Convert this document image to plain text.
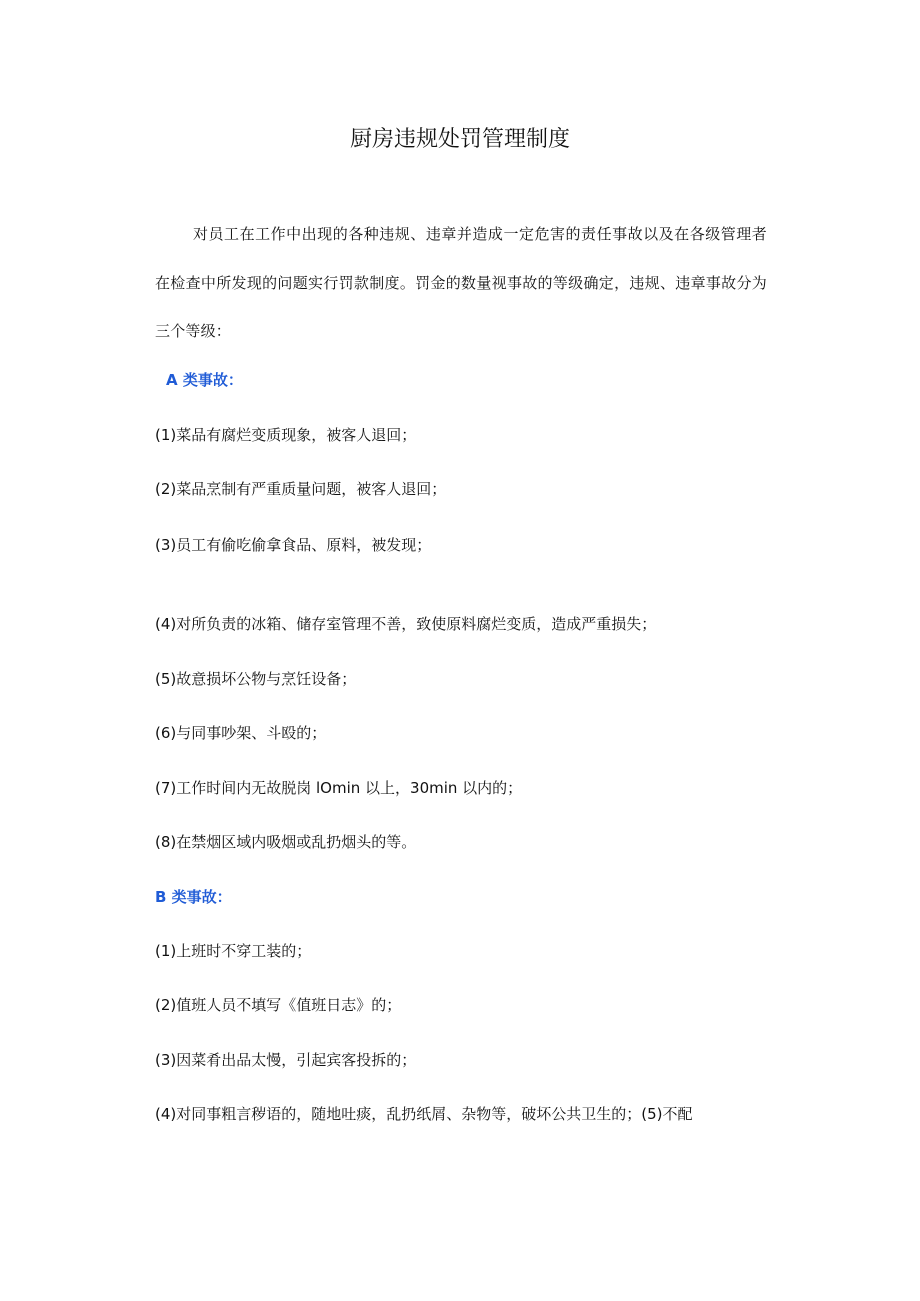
厨房违规处罚管理制度

对员工在工作中出现的各种违规、违章并造成一定危害的责任事故以及在各级管理者在检查中所发现的问题实行罚款制度。罚金的数量视事故的等级确定，违规、违章事故分为三个等级：

A 类事故：

(1)菜品有腐烂变质现象，被客人退回；

(2)菜品烹制有严重质量问题，被客人退回；

(3)员工有偷吃偷拿食品、原料，被发现；

(4)对所负责的冰箱、储存室管理不善，致使原料腐烂变质，造成严重损失；

(5)故意损坏公物与烹饪设备；

(6)与同事吵架、斗殴的；

(7)工作时间内无故脱岗 lOmin 以上，30min 以内的；

(8)在禁烟区域内吸烟或乱扔烟头的等。

B 类事故：

(1)上班时不穿工装的；

(2)值班人员不填写《值班日志》的；

(3)因菜肴出品太慢，引起宾客投拆的；

(4)对同事粗言秽语的，随地吐痰，乱扔纸屑、杂物等，破坏公共卫生的；(5)不配
